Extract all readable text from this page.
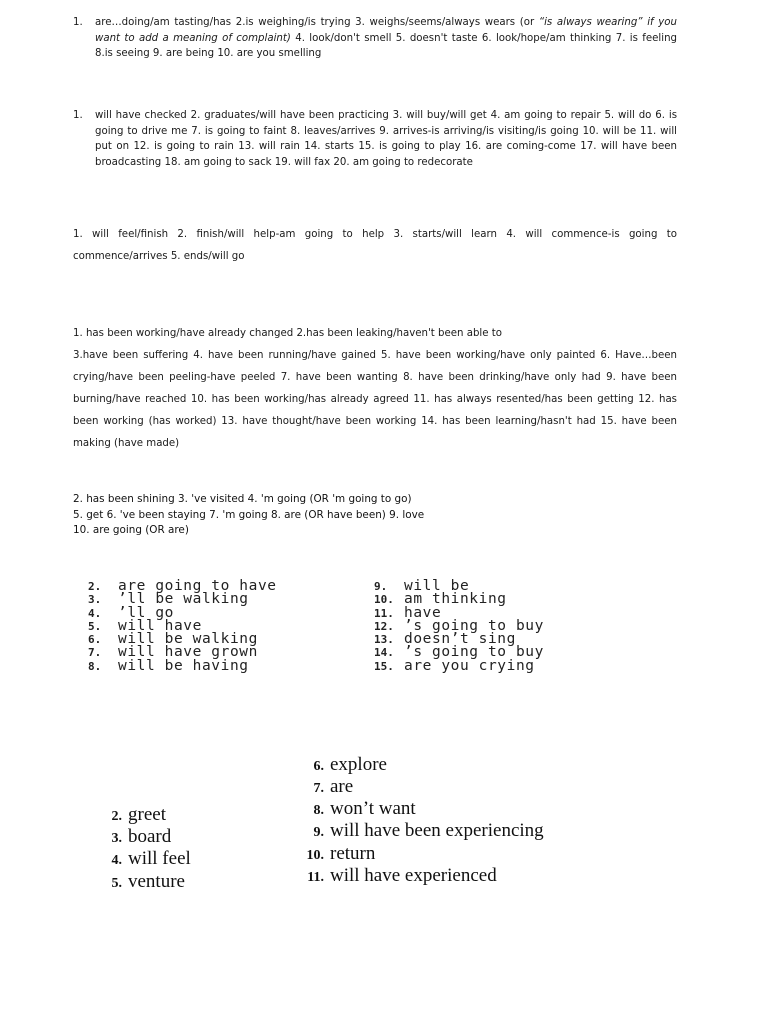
1.	are…doing/am tasting/has 2.is weighing/is trying 3. weighs/seems/always wears (or “is always wearing” if you want to add a meaning of complaint) 4. look/don't smell 5. doesn't taste 6. look/hope/am thinking 7. is feeling 8.is seeing 9. are being 10. are you smelling

1.	will have checked 2. graduates/will have been practicing 3. will buy/will get 4. am going to repair 5. will do 6. is going to drive me 7. is going to faint 8. leaves/arrives 9. arrives-is arriving/is visiting/is going 10. will be 11. will put on 12. is going to rain 13. will rain 14. starts 15. is going to play 16. are coming-come 17. will have been broadcasting 18. am going to sack 19. will fax 20. am going to redecorate

1. will feel/finish 2. finish/will help-am going to help 3. starts/will learn 4. will commence-is going to commence/arrives 5. ends/will go

1. has been working/have already changed 2.has been leaking/haven't been able to

3.have been suffering 4. have been running/have gained 5. have been working/have only painted 6. Have…been crying/have been peeling-have peeled 7. have been wanting 8. have been drinking/have only had 9. have been burning/have reached 10. has been working/has already agreed 11. has always resented/has been getting 12. has been working (has worked) 13. have thought/have been working 14. has been learning/hasn't had 15. have been making (have made)

2. has been shining 3. 've visited 4. 'm going (OR 'm going to go)

5. get 6. 've been staying 7. 'm going 8. are (OR have been) 9. love

10. are going (OR are)

2. are going to have
3. ’ll be walking
4. ’ll go
5. will have
6. will be walking
7. will have grown
8. will be having
9. will be
10. am thinking
11. have
12. ’s going to buy
13. doesn’t sing
14. ’s going to buy
15. are you crying
6. explore
7. are
8. won’t want
9. will have been experiencing
10. return
11. will have experienced
2. greet
3. board
4. will feel
5. venture
